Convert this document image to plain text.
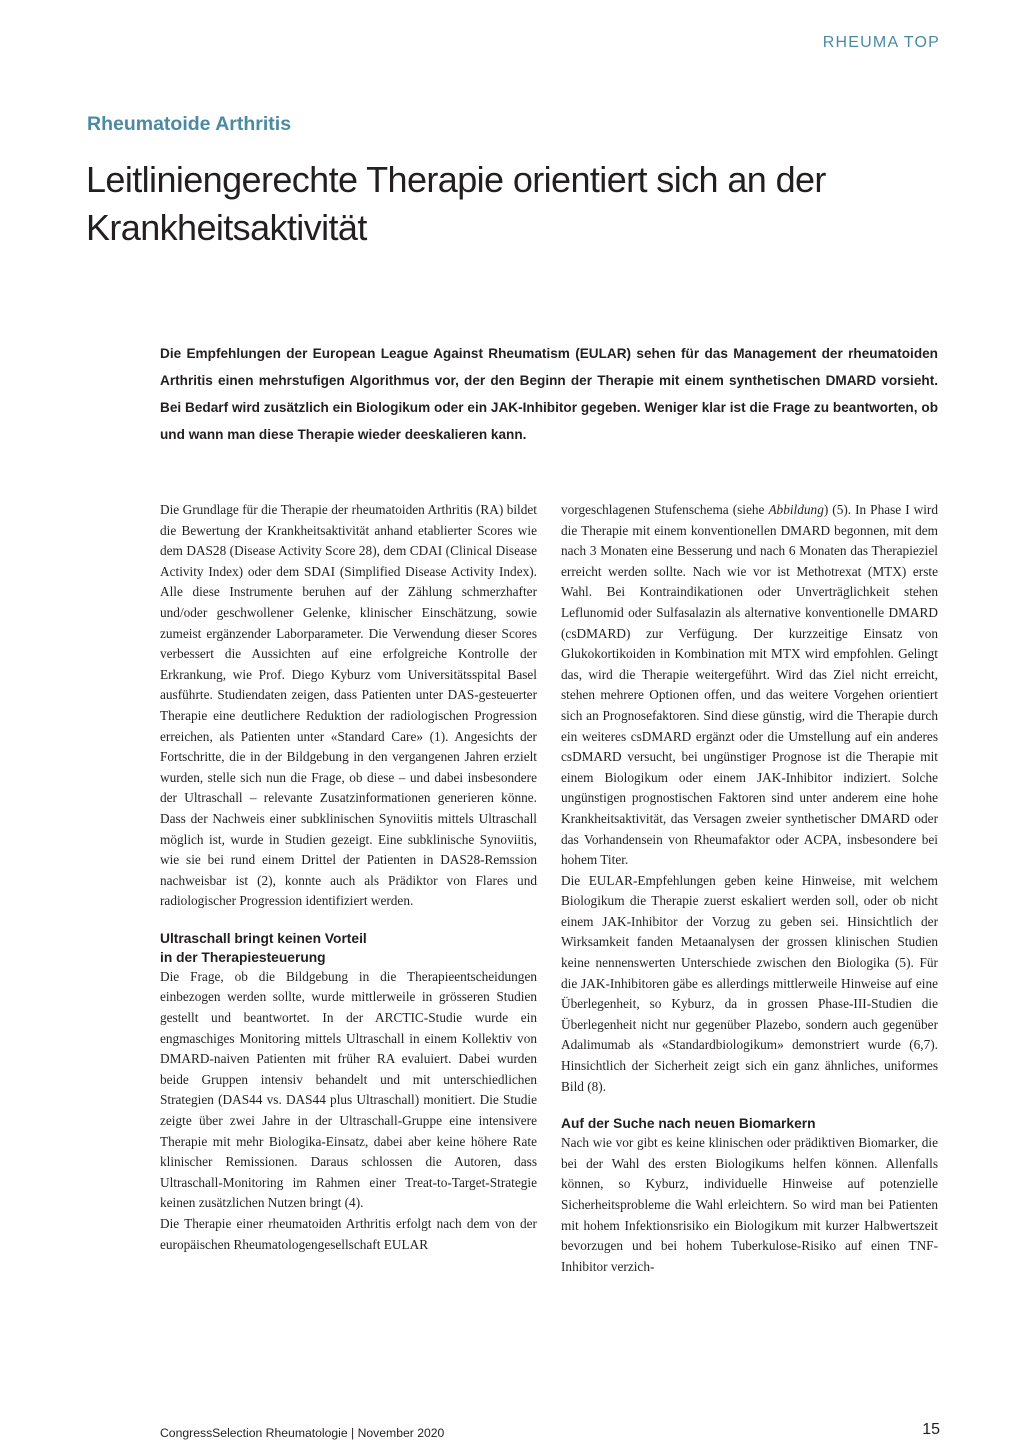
RHEUMA TOP
Rheumatoide Arthritis
Leitliniengerechte Therapie orientiert sich an der Krankheitsaktivität

Die Empfehlungen der European League Against Rheumatism (EULAR) sehen für das Management der rheumatoiden Arthritis einen mehrstufigen Algorithmus vor, der den Beginn der Therapie mit einem synthetischen DMARD vorsieht. Bei Bedarf wird zusätzlich ein Biologikum oder ein JAK-Inhibitor gegeben. Weniger klar ist die Frage zu beantworten, ob und wann man diese Therapie wieder deeskalieren kann.

Die Grundlage für die Therapie der rheumatoiden Arthritis (RA) bildet die Bewertung der Krankheitsaktivität anhand etablierter Scores wie dem DAS28 (Disease Activity Score 28), dem CDAI (Clinical Disease Activity Index) oder dem SDAI (Simplified Disease Activity Index). Alle diese Instrumente beruhen auf der Zählung schmerzhafter und/oder geschwollener Gelenke, klinischer Einschätzung, sowie zumeist ergänzender Laborparameter. Die Verwendung dieser Scores verbessert die Aussichten auf eine erfolgreiche Kontrolle der Erkrankung, wie Prof. Diego Kyburz vom Universitätsspital Basel ausführte. Studiendaten zeigen, dass Patienten unter DAS-gesteuerter Therapie eine deutlichere Reduktion der radiologischen Progression erreichen, als Patienten unter «Standard Care» (1). Angesichts der Fortschritte, die in der Bildgebung in den vergangenen Jahren erzielt wurden, stelle sich nun die Frage, ob diese – und dabei insbesondere der Ultraschall – relevante Zusatzinformationen generieren könne. Dass der Nachweis einer subklinischen Synoviitis mittels Ultraschall möglich ist, wurde in Studien gezeigt. Eine subklinische Synoviitis, wie sie bei rund einem Drittel der Patienten in DAS28-Remssion nachweisbar ist (2), konnte auch als Prädiktor von Flares und radiologischer Progression identifiziert werden.

Ultraschall bringt keinen Vorteil
in der Therapiesteuerung

Die Frage, ob die Bildgebung in die Therapieentscheidungen einbezogen werden sollte, wurde mittlerweile in grösseren Studien gestellt und beantwortet. In der ARCTIC-Studie wurde ein engmaschiges Monitoring mittels Ultraschall in einem Kollektiv von DMARD-naiven Patienten mit früher RA evaluiert. Dabei wurden beide Gruppen intensiv behandelt und mit unterschiedlichen Strategien (DAS44 vs. DAS44 plus Ultraschall) monitiert. Die Studie zeigte über zwei Jahre in der Ultraschall-Gruppe eine intensivere Therapie mit mehr Biologika-Einsatz, dabei aber keine höhere Rate klinischer Remissionen. Daraus schlossen die Autoren, dass Ultraschall-Monitoring im Rahmen einer Treat-to-Target-Strategie keinen zusätzlichen Nutzen bringt (4).

Die Therapie einer rheumatoiden Arthritis erfolgt nach dem von der europäischen Rheumatologengesellschaft EULAR

vorgeschlagenen Stufenschema (siehe Abbildung) (5). In Phase I wird die Therapie mit einem konventionellen DMARD begonnen, mit dem nach 3 Monaten eine Besserung und nach 6 Monaten das Therapieziel erreicht werden sollte. Nach wie vor ist Methotrexat (MTX) erste Wahl. Bei Kontraindikationen oder Unverträglichkeit stehen Leflunomid oder Sulfasalazin als alternative konventionelle DMARD (csDMARD) zur Verfügung. Der kurzzeitige Einsatz von Glukokortikoiden in Kombination mit MTX wird empfohlen. Gelingt das, wird die Therapie weitergeführt. Wird das Ziel nicht erreicht, stehen mehrere Optionen offen, und das weitere Vorgehen orientiert sich an Prognosefaktoren. Sind diese günstig, wird die Therapie durch ein weiteres csDMARD ergänzt oder die Umstellung auf ein anderes csDMARD versucht, bei ungünstiger Prognose ist die Therapie mit einem Biologikum oder einem JAK-Inhibitor indiziert. Solche ungünstigen prognostischen Faktoren sind unter anderem eine hohe Krankheitsaktivität, das Versagen zweier synthetischer DMARD oder das Vorhandensein von Rheumafaktor oder ACPA, insbesondere bei hohem Titer.

Die EULAR-Empfehlungen geben keine Hinweise, mit welchem Biologikum die Therapie zuerst eskaliert werden soll, oder ob nicht einem JAK-Inhibitor der Vorzug zu geben sei. Hinsichtlich der Wirksamkeit fanden Metaanalysen der grossen klinischen Studien keine nennenswerten Unterschiede zwischen den Biologika (5). Für die JAK-Inhibitoren gäbe es allerdings mittlerweile Hinweise auf eine Überlegenheit, so Kyburz, da in grossen Phase-III-Studien die Überlegenheit nicht nur gegenüber Plazebo, sondern auch gegenüber Adalimumab als «Standardbiologikum» demonstriert wurde (6,7). Hinsichtlich der Sicherheit zeigt sich ein ganz ähnliches, uniformes Bild (8).

Auf der Suche nach neuen Biomarkern

Nach wie vor gibt es keine klinischen oder prädiktiven Biomarker, die bei der Wahl des ersten Biologikums helfen können. Allenfalls können, so Kyburz, individuelle Hinweise auf potenzielle Sicherheitsprobleme die Wahl erleichtern. So wird man bei Patienten mit hohem Infektionsrisiko ein Biologikum mit kurzer Halbwertszeit bevorzugen und bei hohem Tuberkulose-Risiko auf einen TNF-Inhibitor verzich-

CongressSelection Rheumatologie | November 2020	15
